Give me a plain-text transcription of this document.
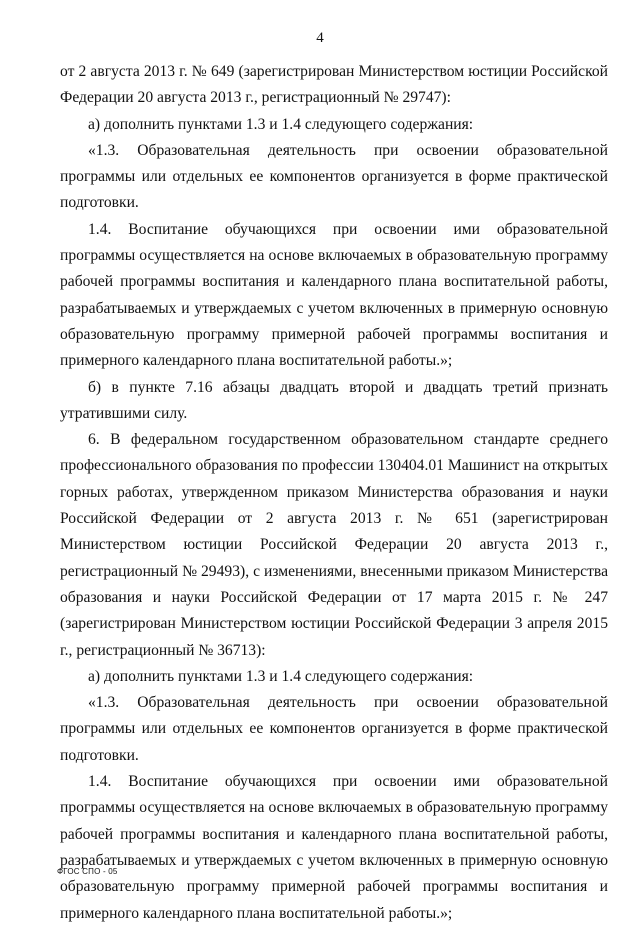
4

от 2 августа 2013 г. № 649 (зарегистрирован Министерством юстиции Российской Федерации 20 августа 2013 г., регистрационный № 29747):

а) дополнить пунктами 1.3 и 1.4 следующего содержания:

«1.3. Образовательная деятельность при освоении образовательной программы или отдельных ее компонентов организуется в форме практической подготовки.

1.4. Воспитание обучающихся при освоении ими образовательной программы осуществляется на основе включаемых в образовательную программу рабочей программы воспитания и календарного плана воспитательной работы, разрабатываемых и утверждаемых с учетом включенных в примерную основную образовательную программу примерной рабочей программы воспитания и примерного календарного плана воспитательной работы.»;

б) в пункте 7.16 абзацы двадцать второй и двадцать третий признать утратившими силу.

6. В федеральном государственном образовательном стандарте среднего профессионального образования по профессии 130404.01 Машинист на открытых горных работах, утвержденном приказом Министерства образования и науки Российской Федерации от 2 августа 2013 г. № 651 (зарегистрирован Министерством юстиции Российской Федерации 20 августа 2013 г., регистрационный № 29493), с изменениями, внесенными приказом Министерства образования и науки Российской Федерации от 17 марта 2015 г. № 247 (зарегистрирован Министерством юстиции Российской Федерации 3 апреля 2015 г., регистрационный № 36713):

а) дополнить пунктами 1.3 и 1.4 следующего содержания:

«1.3. Образовательная деятельность при освоении образовательной программы или отдельных ее компонентов организуется в форме практической подготовки.

1.4. Воспитание обучающихся при освоении ими образовательной программы осуществляется на основе включаемых в образовательную программу рабочей программы воспитания и календарного плана воспитательной работы, разрабатываемых и утверждаемых с учетом включенных в примерную основную образовательную программу примерной рабочей программы воспитания и примерного календарного плана воспитательной работы.»;

ФГОС СПО - 05
